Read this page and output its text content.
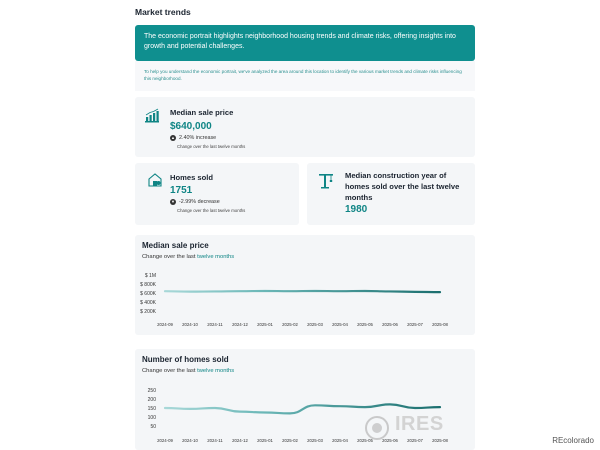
Market trends
The economic portrait highlights neighborhood housing trends and climate risks, offering insights into growth and potential challenges.
To help you understand the economic portrait, we've analyzed the area around this location to identify the various market trends and climate risks influencing this neighborhood.
Median sale price
$640,000
▲ 2.40% increase
Change over the last twelve months
Homes sold
1751
▼ -2.99% decrease
Change over the last twelve months
Median construction year of
homes sold over the last twelve
months
1980
Median sale price
Change over the last twelve months
$ 1M
$ 800K
$ 600K
$ 400K
$ 200K
2024-09 2024-10 2024-11 2024-12 2025-01 2025-02 2025-03 2025-04 2025-05 2025-06 2025-07 2025-08
Number of homes sold
Change over the last twelve months
250
200
150
100
50
2024-09 2024-10 2024-11 2024-12 2025-01 2025-02 2025-03 2025-04 2025-05 2025-06 2025-07 2025-08
IRES
REcolorado
